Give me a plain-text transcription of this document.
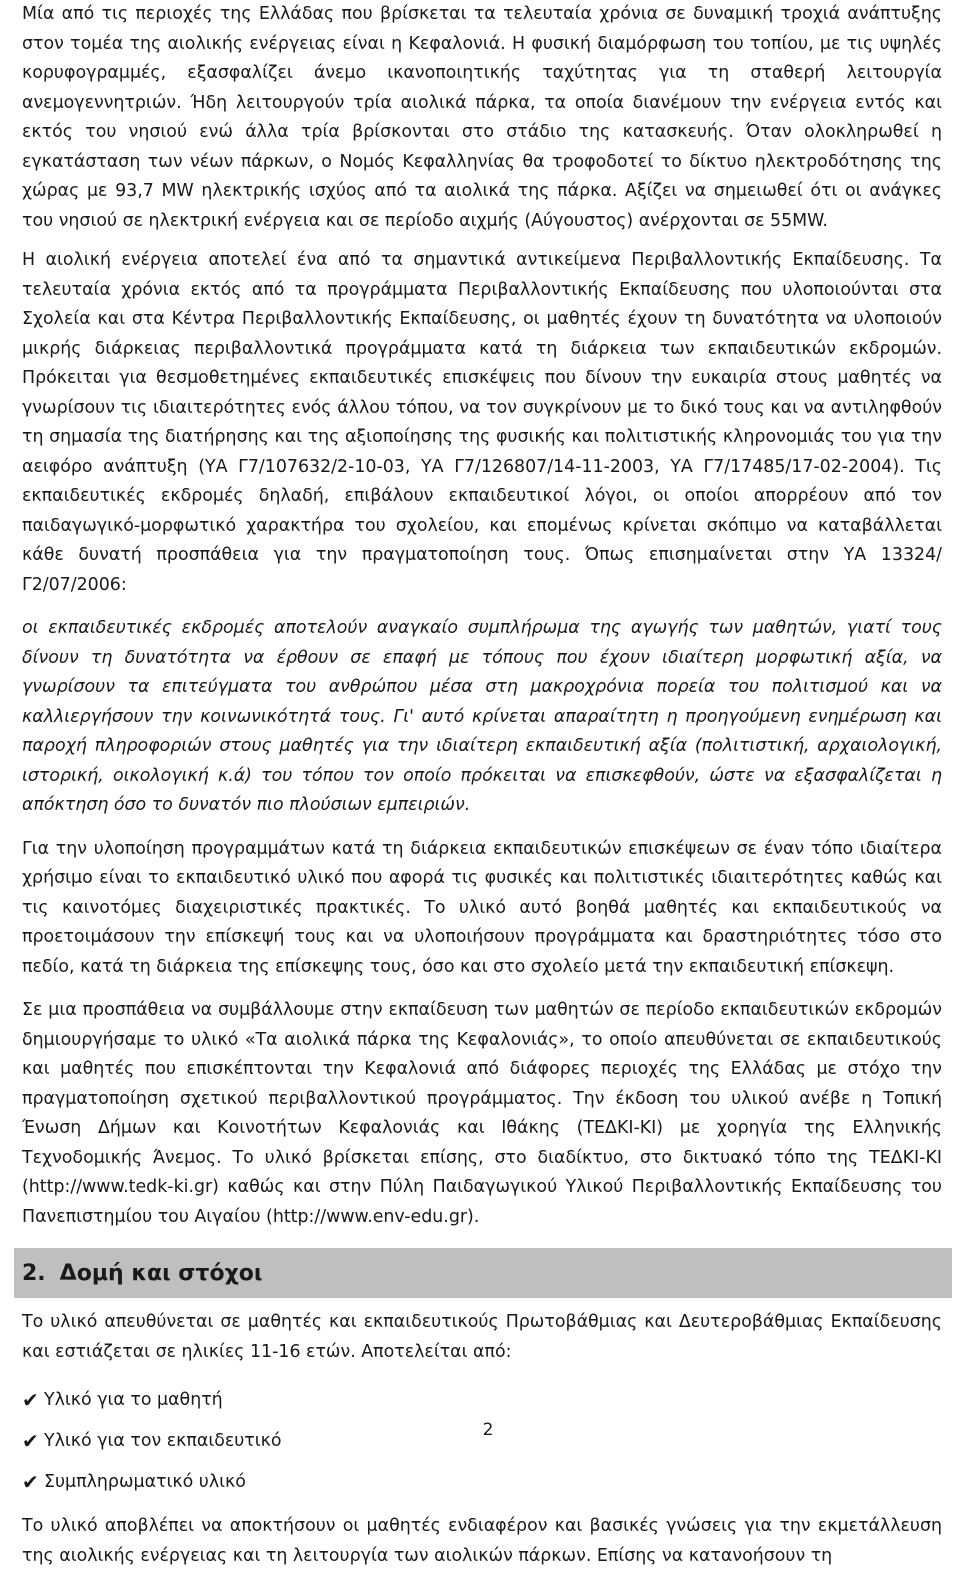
Μία από τις περιοχές της Ελλάδας που βρίσκεται τα τελευταία χρόνια σε δυναμική τροχιά ανάπτυξης στον τομέα της αιολικής ενέργειας είναι η Κεφαλονιά. Η φυσική διαμόρφωση του τοπίου, με τις υψηλές κορυφογραμμές, εξασφαλίζει άνεμο ικανοποιητικής ταχύτητας για τη σταθερή λειτουργία ανεμογεννητριών. Ήδη λειτουργούν τρία αιολικά πάρκα, τα οποία διανέμουν την ενέργεια εντός και εκτός του νησιού ενώ άλλα τρία βρίσκονται στο στάδιο της κατασκευής. Όταν ολοκληρωθεί η εγκατάσταση των νέων πάρκων, ο Νομός Κεφαλληνίας θα τροφοδοτεί το δίκτυο ηλεκτροδότησης της χώρας με 93,7 MW ηλεκτρικής ισχύος από τα αιολικά της πάρκα. Αξίζει να σημειωθεί ότι οι ανάγκες του νησιού σε ηλεκτρική ενέργεια και σε περίοδο αιχμής (Αύγουστος) ανέρχονται σε 55MW.

Η αιολική ενέργεια αποτελεί ένα από τα σημαντικά αντικείμενα Περιβαλλοντικής Εκπαίδευσης. Τα τελευταία χρόνια εκτός από τα προγράμματα Περιβαλλοντικής Εκπαίδευσης που υλοποιούνται στα Σχολεία και στα Κέντρα Περιβαλλοντικής Εκπαίδευσης, οι μαθητές έχουν τη δυνατότητα να υλοποιούν μικρής διάρκειας περιβαλλοντικά προγράμματα κατά τη διάρκεια των εκπαιδευτικών εκδρομών. Πρόκειται για θεσμοθετημένες εκπαιδευτικές επισκέψεις που δίνουν την ευκαιρία στους μαθητές να γνωρίσουν τις ιδιαιτερότητες ενός άλλου τόπου, να τον συγκρίνουν με το δικό τους και να αντιληφθούν τη σημασία της διατήρησης και της αξιοποίησης της φυσικής και πολιτιστικής κληρονομιάς του για την αειφόρο ανάπτυξη (ΥΑ Γ7/107632/2-10-03, ΥΑ Γ7/126807/14-11-2003, ΥΑ Γ7/17485/17-02-2004). Τις εκπαιδευτικές εκδρομές δηλαδή, επιβάλουν εκπαιδευτικοί λόγοι, οι οποίοι απορρέουν από τον παιδαγωγικό-μορφωτικό χαρακτήρα του σχολείου, και επομένως κρίνεται σκόπιμο να καταβάλλεται κάθε δυνατή προσπάθεια για την πραγματοποίηση τους. Όπως επισημαίνεται στην ΥΑ 13324/Γ2/07/2006:

οι εκπαιδευτικές εκδρομές αποτελούν αναγκαίο συμπλήρωμα της αγωγής των μαθητών, γιατί τους δίνουν τη δυνατότητα να έρθουν σε επαφή με τόπους που έχουν ιδιαίτερη μορφωτική αξία, να γνωρίσουν τα επιτεύγματα του ανθρώπου μέσα στη μακροχρόνια πορεία του πολιτισμού και να καλλιεργήσουν την κοινωνικότητά τους. Γι' αυτό κρίνεται απαραίτητη η προηγούμενη ενημέρωση και παροχή πληροφοριών στους μαθητές για την ιδιαίτερη εκπαιδευτική αξία (πολιτιστική, αρχαιολογική, ιστορική, οικολογική κ.ά) του τόπου τον οποίο πρόκειται να επισκεφθούν, ώστε να εξασφαλίζεται η απόκτηση όσο το δυνατόν πιο πλούσιων εμπειριών.

Για την υλοποίηση προγραμμάτων κατά τη διάρκεια εκπαιδευτικών επισκέψεων σε έναν τόπο ιδιαίτερα χρήσιμο είναι το εκπαιδευτικό υλικό που αφορά τις φυσικές και πολιτιστικές ιδιαιτερότητες καθώς και τις καινοτόμες διαχειριστικές πρακτικές. Το υλικό αυτό βοηθά μαθητές και εκπαιδευτικούς να προετοιμάσουν την επίσκεψή τους και να υλοποιήσουν προγράμματα και δραστηριότητες τόσο στο πεδίο, κατά τη διάρκεια της επίσκεψης τους, όσο και στο σχολείο μετά την εκπαιδευτική επίσκεψη.

Σε μια προσπάθεια να συμβάλλουμε στην εκπαίδευση των μαθητών σε περίοδο εκπαιδευτικών εκδρομών δημιουργήσαμε το υλικό «Τα αιολικά πάρκα της Κεφαλονιάς», το οποίο απευθύνεται σε εκπαιδευτικούς και μαθητές που επισκέπτονται την Κεφαλονιά από διάφορες περιοχές της Ελλάδας με στόχο την πραγματοποίηση σχετικού περιβαλλοντικού προγράμματος. Την έκδοση του υλικού ανέβε η Τοπική Ένωση Δήμων και Κοινοτήτων Κεφαλονιάς και Ιθάκης (ΤΕΔΚΙ-ΚΙ) με χορηγία της Ελληνικής Τεχνοδομικής Άνεμος. Το υλικό βρίσκεται επίσης, στο διαδίκτυο, στο δικτυακό τόπο της ΤΕΔΚΙ-ΚΙ (http://www.tedk-ki.gr) καθώς και στην Πύλη Παιδαγωγικού Υλικού Περιβαλλοντικής Εκπαίδευσης του Πανεπιστημίου του Αιγαίου (http://www.env-edu.gr).

2. Δομή και στόχοι

Το υλικό απευθύνεται σε μαθητές και εκπαιδευτικούς Πρωτοβάθμιας και Δευτεροβάθμιας Εκπαίδευσης και εστιάζεται σε ηλικίες 11-16 ετών. Αποτελείται από:

✔ Υλικό για το μαθητή
✔ Υλικό για τον εκπαιδευτικό
✔ Συμπληρωματικό υλικό

Το υλικό αποβλέπει να αποκτήσουν οι μαθητές ενδιαφέρον και βασικές γνώσεις για την εκμετάλλευση της αιολικής ενέργειας και τη λειτουργία των αιολικών πάρκων. Επίσης να κατανοήσουν τη

2
